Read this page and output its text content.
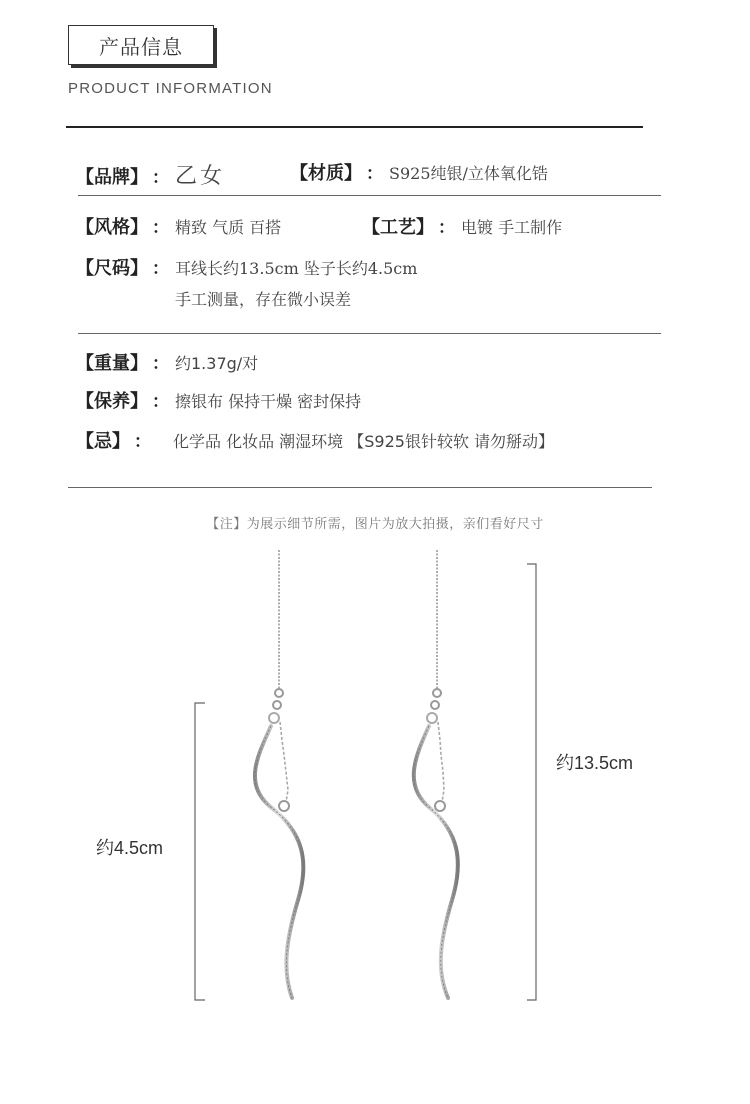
产品信息
PRODUCT INFORMATION
【品牌】 ： 乙女	【材质】 ： S925纯银/立体氧化锆
【风格】 ： 精致 气质 百搭	【工艺】 ： 电镀 手工制作
【尺码】 ： 耳线长约13.5cm 坠子长约4.5cm
手工测量，存在微小误差
【重量】 ： 约1.37g/对
【保养】 ： 擦银布 保持干燥 密封保持
【忌】 ： 化学品 化妆品 潮湿环境 【S925银针较软 请勿掰动】
【注】为展示细节所需，图片为放大拍摄，亲们看好尺寸
约4.5cm
约13.5cm
